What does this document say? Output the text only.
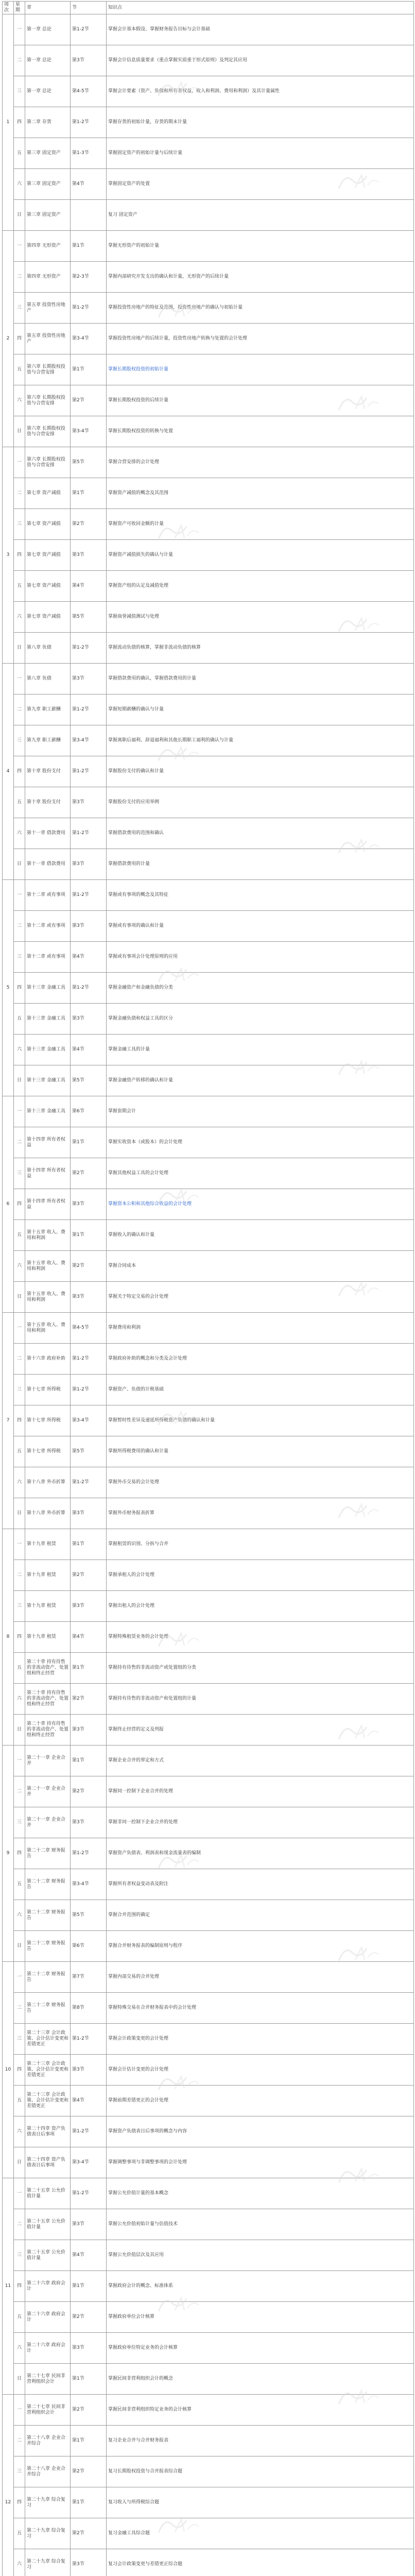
周次	星期	章	节	知识点
1	一	第一章 总论	第1-2节	掌握会计基本假设、掌握财务报告目标与会计基础
	二	第一章 总论	第3节	掌握会计信息质量要求（重点掌握实质重于形式原则）及判定其应用
	三	第一章 总论	第4-5节	掌握会计要素（资产、负债和所有者权益，收入和利润、费用和利润）及其计量属性
	四	第二章 存货	第1-2节	掌握存货的初始计量，存货的期末计量
	五	第三章 固定资产	第1-3节	掌握固定资产的初始计量与后续计量
	六	第三章 固定资产	第4节	掌握固定资产的处置
	日	第三章 固定资产		复习 固定资产
2	一	第四章 无形资产	第1节	掌握无形资产的初始计量
	二	第四章 无形资产	第2-3节	掌握内部研究开发支出的确认和计量，无形资产的后续计量
	三	第五章 投资性房地产	第1-2节	掌握投资性房地产的特征及范围，投资性房地产的确认与初始计量
	四	第五章 投资性房地产	第3-4节	掌握投资性房地产的后续计量，投资性房地产转换与处置的会计处理
	五	第六章 长期股权投资与合营安排	第1节	掌握长期股权投资的初始计量
	六	第六章 长期股权投资与合营安排	第2节	掌握长期股权投资的后续计量
	日	第六章 长期股权投资与合营安排	第3-4节	掌握长期股权投资的转换与处置
3	一	第六章 长期股权投资与合营安排	第5节	掌握合营安排的会计处理
	二	第七章 资产减值	第1节	掌握资产减值的概念及其范围
	三	第七章 资产减值	第2节	掌握资产可收回金额的计量
	四	第七章 资产减值	第3节	掌握资产减值损失的确认与计量
	五	第七章 资产减值	第4节	掌握资产组的认定及减值处理
	六	第七章 资产减值	第5节	掌握商誉减值测试与处理
	日	第八章 负债	第1-2节	掌握流动负债的核算，掌握非流动负债的核算
4	一	第八章 负债	第3节	掌握借款费用的确认，掌握借款费用的计量
	二	第九章 职工薪酬	第1-2节	掌握短期薪酬的确认与计量
	三	第九章 职工薪酬	第3-4节	掌握离职后福利、辞退福利和其他长期职工福利的确认与计量
	四	第十章 股份支付	第1-2节	掌握股份支付的确认和计量
	五	第十章 股份支付	第3节	掌握股份支付的应用举例
	六	第十一章 借款费用	第1-2节	掌握借款费用的范围和确认
	日	第十一章 借款费用	第3节	掌握借款费用的计量
5	一	第十二章 或有事项	第1-2节	掌握或有事项的概念及其特征
	二	第十二章 或有事项	第3节	掌握或有事项的确认和计量
	三	第十二章 或有事项	第4节	掌握或有事项会计处理原则的应用
	四	第十三章 金融工具	第1-2节	掌握金融资产和金融负债的分类
	五	第十三章 金融工具	第3节	掌握金融负债和权益工具的区分
	六	第十三章 金融工具	第4节	掌握金融工具的计量
	日	第十三章 金融工具	第5节	掌握金融资产转移的确认和计量
6	一	第十三章 金融工具	第6节	掌握套期会计
	二	第十四章 所有者权益	第1节	掌握实收资本（或股本）的会计处理
	三	第十四章 所有者权益	第2节	掌握其他权益工具的会计处理
	四	第十四章 所有者权益	第3节	掌握资本公积和其他综合收益的会计处理
	五	第十五章 收入、费用和利润	第1节	掌握收入的确认和计量
	六	第十五章 收入、费用和利润	第2节	掌握合同成本
	日	第十五章 收入、费用和利润	第3节	掌握关于特定交易的会计处理
7	一	第十五章 收入、费用和利润	第4-5节	掌握费用和利润
	二	第十六章 政府补助	第1-2节	掌握政府补助的概念和分类及会计处理
	三	第十七章 所得税	第1-2节	掌握资产、负债的计税基础
	四	第十七章 所得税	第3-4节	掌握暂时性差异及递延所得税资产负债的确认和计量
	五	第十七章 所得税	第5节	掌握所得税费用的确认和计量
	六	第十八章 外币折算	第1-2节	掌握外币交易的会计处理
	日	第十八章 外币折算	第3节	掌握外币财务报表折算
8	一	第十九章 租赁	第1节	掌握租赁的识别、分拆与合并
	二	第十九章 租赁	第2节	掌握承租人的会计处理
	三	第十九章 租赁	第3节	掌握出租人的会计处理
	四	第十九章 租赁	第4节	掌握特殊租赁业务的会计处理
	五	第二十章 持有待售的非流动资产、处置组和终止经营	第1节	掌握持有待售的非流动资产或处置组的分类
	六	第二十章 持有待售的非流动资产、处置组和终止经营	第2节	掌握持有待售的非流动资产和处置组的计量
	日	第二十章 持有待售的非流动资产、处置组和终止经营	第3节	掌握终止经营的定义及列报
9	一	第二十一章 企业合并	第1节	掌握企业合并的界定和方式
	二	第二十一章 企业合并	第2节	掌握同一控制下企业合并的处理
	三	第二十一章 企业合并	第3节	掌握非同一控制下企业合并的处理
	四	第二十二章 财务报告	第1-2节	掌握资产负债表、利润表和现金流量表的编制
	五	第二十二章 财务报告	第3-4节	掌握所有者权益变动表及附注
	六	第二十二章 财务报告	第5节	掌握合并范围的确定
	日	第二十二章 财务报告	第6节	掌握合并财务报表的编制原则与程序
10	一	第二十二章 财务报告	第7节	掌握内部交易的合并处理
	二	第二十二章 财务报告	第8节	掌握特殊交易在合并财务报表中的会计处理
	三	第二十三章 会计政策、会计估计变更和差错更正	第1-2节	掌握会计政策变更的会计处理
	四	第二十三章 会计政策、会计估计变更和差错更正	第3节	掌握会计估计变更的会计处理
	五	第二十三章 会计政策、会计估计变更和差错更正	第4节	掌握前期差错更正的会计处理
	六	第二十四章 资产负债表日后事项	第1-2节	掌握资产负债表日后事项的概念与内容
	日	第二十四章 资产负债表日后事项	第3-4节	掌握调整事项与非调整事项的会计处理
11	一	第二十五章 公允价值计量	第1-2节	掌握公允价值计量的基本概念
	二	第二十五章 公允价值计量	第3节	掌握公允价值初始计量与估值技术
	三	第二十五章 公允价值计量	第4节	掌握公允价值层次及其应用
	四	第二十六章 政府会计	第1节	掌握政府会计的概念、标准体系
	五	第二十六章 政府会计	第2节	掌握政府单位会计核算
	六	第二十六章 政府会计	第3节	掌握政府单位特定业务的会计核算
	日	第二十七章 民间非营利组织会计	第1节	掌握民间非营利组织会计的概念
12	一	第二十七章 民间非营利组织会计	第2节	掌握民间非营利组织特定业务的会计核算
	二	第二十八章 企业合并综合	第1节	复习企业合并与合并财务报表
	三	第二十八章 企业合并综合	第2节	复习长期股权投资与合并报表综合题
	四	第二十九章 综合复习	第1节	复习收入与所得税综合题
	五	第二十九章 综合复习	第2节	复习金融工具综合题
	六	第二十九章 综合复习	第3节	复习会计政策变更与差错更正综合题
